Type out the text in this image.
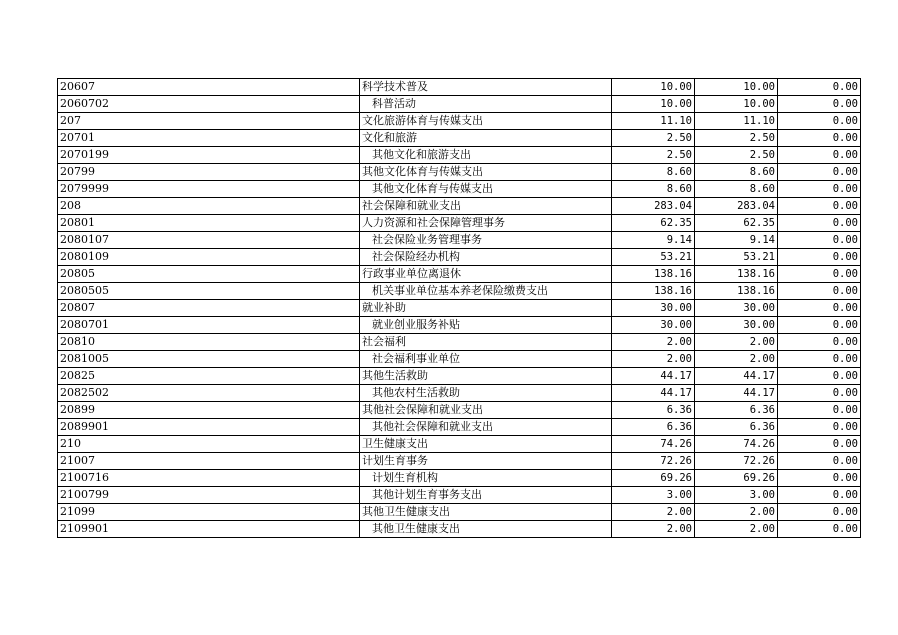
20607	科学技术普及	10.00	10.00	0.00
2060702	科普活动	10.00	10.00	0.00
207	文化旅游体育与传媒支出	11.10	11.10	0.00
20701	文化和旅游	2.50	2.50	0.00
2070199	其他文化和旅游支出	2.50	2.50	0.00
20799	其他文化体育与传媒支出	8.60	8.60	0.00
2079999	其他文化体育与传媒支出	8.60	8.60	0.00
208	社会保障和就业支出	283.04	283.04	0.00
20801	人力资源和社会保障管理事务	62.35	62.35	0.00
2080107	社会保险业务管理事务	9.14	9.14	0.00
2080109	社会保险经办机构	53.21	53.21	0.00
20805	行政事业单位离退休	138.16	138.16	0.00
2080505	机关事业单位基本养老保险缴费支出	138.16	138.16	0.00
20807	就业补助	30.00	30.00	0.00
2080701	就业创业服务补贴	30.00	30.00	0.00
20810	社会福利	2.00	2.00	0.00
2081005	社会福利事业单位	2.00	2.00	0.00
20825	其他生活救助	44.17	44.17	0.00
2082502	其他农村生活救助	44.17	44.17	0.00
20899	其他社会保障和就业支出	6.36	6.36	0.00
2089901	其他社会保障和就业支出	6.36	6.36	0.00
210	卫生健康支出	74.26	74.26	0.00
21007	计划生育事务	72.26	72.26	0.00
2100716	计划生育机构	69.26	69.26	0.00
2100799	其他计划生育事务支出	3.00	3.00	0.00
21099	其他卫生健康支出	2.00	2.00	0.00
2109901	其他卫生健康支出	2.00	2.00	0.00
